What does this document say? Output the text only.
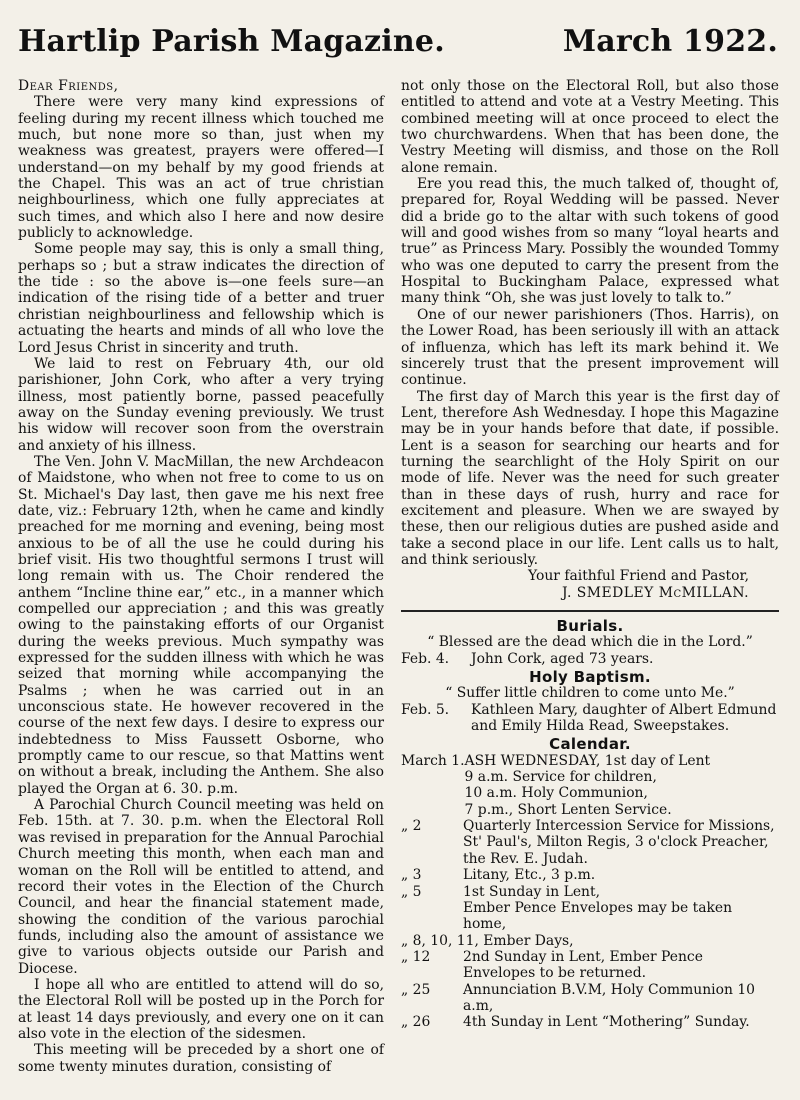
Hartlip Parish Magazine.	March 1922.

Dear Friends,

There were very many kind expressions of feeling during my recent illness which touched me much, but none more so than, just when my weakness was greatest, prayers were offered—I understand—on my behalf by my good friends at the Chapel. This was an act of true christian neighbourliness, which one fully appreciates at such times, and which also I here and now desire publicly to acknowledge.

Some people may say, this is only a small thing, perhaps so ; but a straw indicates the direction of the tide : so the above is—one feels sure—an indication of the rising tide of a better and truer christian neighbourliness and fellowship which is actuating the hearts and minds of all who love the Lord Jesus Christ in sincerity and truth.

We laid to rest on February 4th, our old parishioner, John Cork, who after a very trying illness, most patiently borne, passed peacefully away on the Sunday evening previously. We trust his widow will recover soon from the overstrain and anxiety of his illness.

The Ven. John V. MacMillan, the new Archdeacon of Maidstone, who when not free to come to us on St. Michael's Day last, then gave me his next free date, viz.: February 12th, when he came and kindly preached for me morning and evening, being most anxious to be of all the use he could during his brief visit. His two thoughtful sermons I trust will long remain with us. The Choir rendered the anthem “Incline thine ear,” etc., in a manner which compelled our appreciation ; and this was greatly owing to the painstaking efforts of our Organist during the weeks previous. Much sympathy was expressed for the sudden illness with which he was seized that morning while accompanying the Psalms ; when he was carried out in an unconscious state. He however recovered in the course of the next few days. I desire to express our indebtedness to Miss Faussett Osborne, who promptly came to our rescue, so that Mattins went on without a break, including the Anthem. She also played the Organ at 6. 30. p.m.

A Parochial Church Council meeting was held on Feb. 15th. at 7. 30. p.m. when the Electoral Roll was revised in preparation for the Annual Parochial Church meeting this month, when each man and woman on the Roll will be entitled to attend, and record their votes in the Election of the Church Council, and hear the financial statement made, showing the condition of the various parochial funds, including also the amount of assistance we give to various objects outside our Parish and Diocese.

I hope all who are entitled to attend will do so, the Electoral Roll will be posted up in the Porch for at least 14 days previously, and every one on it can also vote in the election of the sidesmen.

This meeting will be preceded by a short one of some twenty minutes duration, consisting of

not only those on the Electoral Roll, but also those entitled to attend and vote at a Vestry Meeting. This combined meeting will at once proceed to elect the two churchwardens. When that has been done, the Vestry Meeting will dismiss, and those on the Roll alone remain.

Ere you read this, the much talked of, thought of, prepared for, Royal Wedding will be passed. Never did a bride go to the altar with such tokens of good will and good wishes from so many “loyal hearts and true” as Princess Mary. Possibly the wounded Tommy who was one deputed to carry the present from the Hospital to Buckingham Palace, expressed what many think “Oh, she was just lovely to talk to.”

One of our newer parishioners (Thos. Harris), on the Lower Road, has been seriously ill with an attack of influenza, which has left its mark behind it. We sincerely trust that the present improvement will continue.

The first day of March this year is the first day of Lent, therefore Ash Wednesday. I hope this Magazine may be in your hands before that date, if possible. Lent is a season for searching our hearts and for turning the searchlight of the Holy Spirit on our mode of life. Never was the need for such greater than in these days of rush, hurry and race for excitement and pleasure. When we are swayed by these, then our religious duties are pushed aside and take a second place in our life. Lent calls us to halt, and think seriously.

Your faithful Friend and Pastor,

J. SMEDLEY McMILLAN.

Burials.

“ Blessed are the dead which die in the Lord.”

Feb. 4.	John Cork, aged 73 years.
Holy Baptism.

“ Suffer little children to come unto Me.”

Feb. 5.	Kathleen Mary, daughter of Albert Edmund and Emily Hilda Read, Sweepstakes.
Calendar.
March 1. ASH WEDNESDAY, 1st day of Lent
9 a.m. Service for children,
10 a.m. Holy Communion,
7 p.m., Short Lenten Service.
„ 2	Quarterly Intercession Service for Missions, St' Paul's, Milton Regis, 3 o'clock Preacher, the Rev. E. Judah.
„ 3	Litany, Etc., 3 p.m.
„ 5	1st Sunday in Lent,
Ember Pence Envelopes may be taken home,
„ 8, 10, 11, Ember Days,
„ 12	2nd Sunday in Lent, Ember Pence Envelopes to be returned.
„ 25	Annunciation B.V.M, Holy Communion 10 a.m,
„ 26	4th Sunday in Lent “Mothering” Sunday.
